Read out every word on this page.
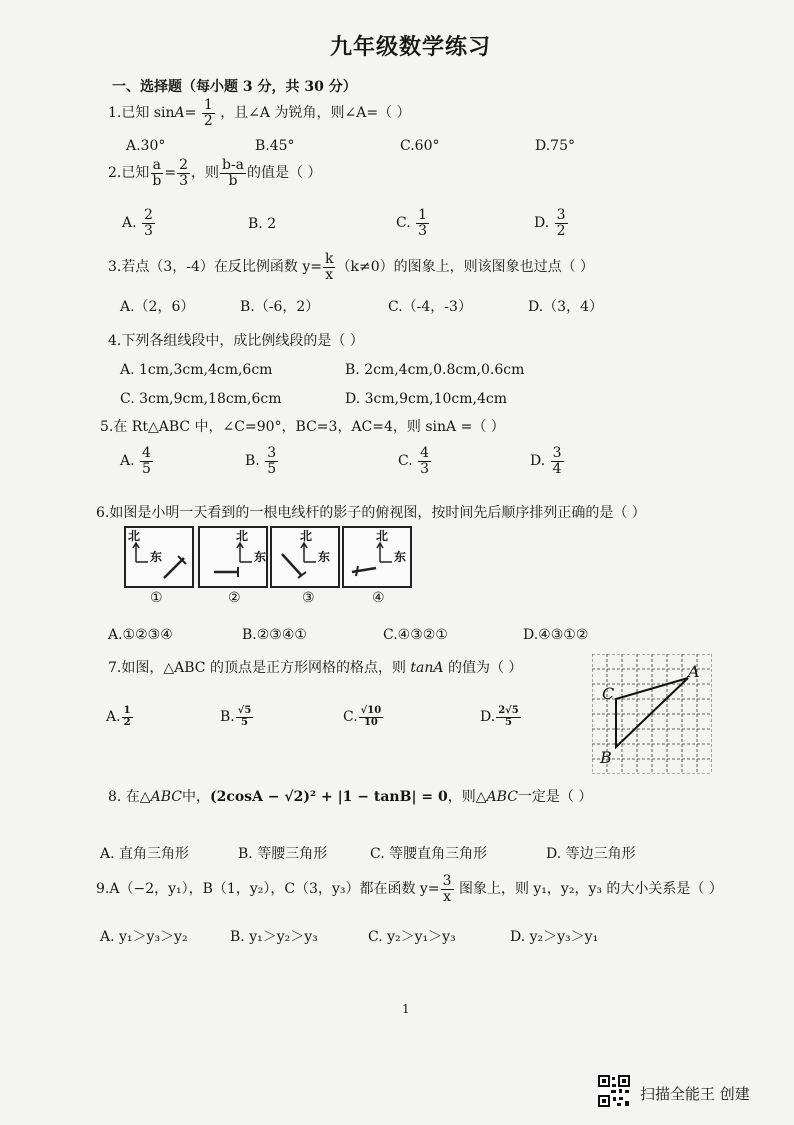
九年级数学练习
一、选择题（每小题 3 分，共 30 分）
1.已知 $\sin A= \frac{1}{2}$ ，且∠A 为锐角，则∠A=（ ）
A.30°	B.45°	C.60°	D.75°
2.已知 $\frac{a}{b} = \frac{2}{3}$ ，则 $\frac{b-a}{b}$ 的值是（ ）
A. $\frac{2}{3}$	B. 2	C. $\frac{1}{3}$	D. $\frac{3}{2}$
3.若点（3，-4）在反比例函数 $y= \frac{k}{x} (k\ne 0)$的图象上，则该图象也过点（ ）
A.（2，6）	B.（-6，2）	C.（-4，-3）	D.（3，4）
4.下列各组线段中，成比例线段的是（ ）
A. 1cm,3cm,4cm,6cm	B. 2cm,4cm,0.8cm,0.6cm
C. 3cm,9cm,18cm,6cm	D. 3cm,9cm,10cm,4cm
5.在 Rt△ABC 中，∠C=90°，BC=3，AC=4，则 sinA =（ ）
A. $\frac{4}{5}$	B. $\frac{3}{5}$	C. $\frac{4}{3}$	D. $\frac{3}{4}$
6.如图是小明一天看到的一根电线杆的影子的俯视图，按时间先后顺序排列正确的是（ ）
北
东
北
东
北
东
北
东
①	②	③	④
A.①②③④	B.②③④①	C.④③②①	D.④③①②
7.如图，△ABC 的顶点是正方形网格的格点，则 tanA 的值为（ ）
A. $\frac{1}{2}$	B. $\frac{√5}{5}$	C. $\frac{√10}{10}$	D. $\frac{2√5}{5}$
A
C
B
8. 在△ABC中，(2cosA − √2)² + |1 − tanB| = 0，则△ABC一定是（ ）
A. 直角三角形	B. 等腰三角形	C. 等腰直角三角形	D. 等边三角形
9.A（−2，y₁），B（1，y₂），C（3，y₃）都在函数 $y= \frac{3}{x}$ 图象上，则 y₁，y₂，y₃ 的大小关系是（ ）
A. y₁＞y₃＞y₂	B. y₁＞y₂＞y₃	C. y₂＞y₁＞y₃	D. y₂＞y₃＞y₁
1
扫描全能王 创建
